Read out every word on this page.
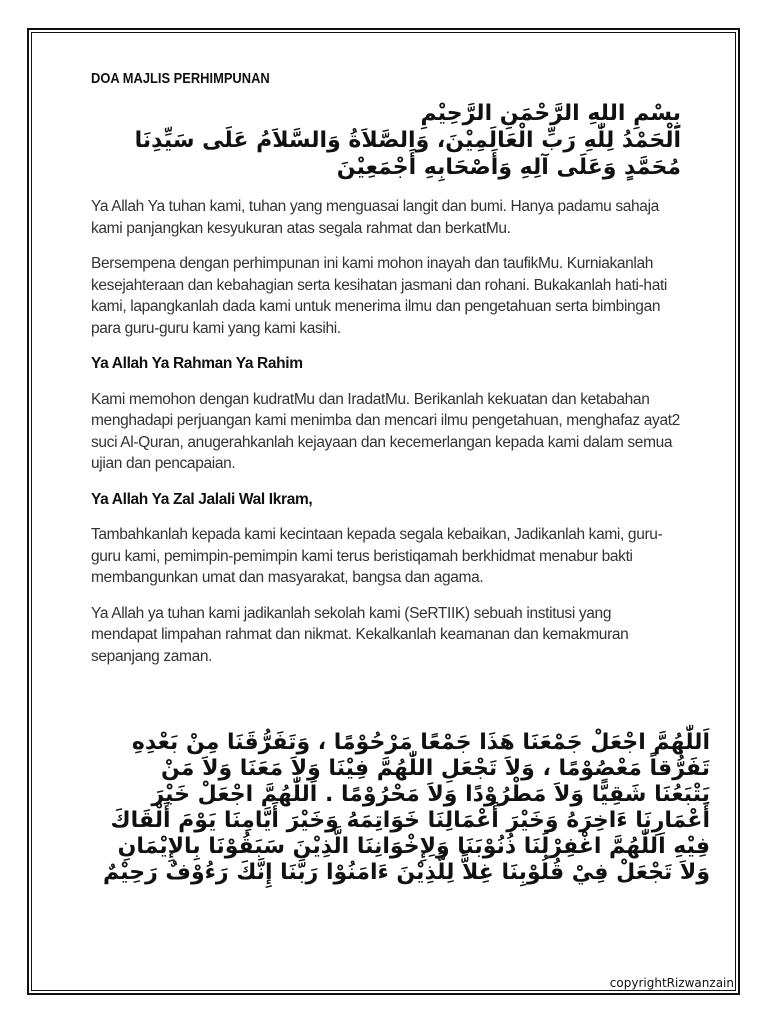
DOA MAJLIS PERHIMPUNAN
بِسْمِ اللهِ الرَّحْمَنِ الرَّحِيْمِ
اَلْحَمْدُ لِلّٰهِ رَبِّ الْعَالَمِيْنَ، وَالصَّلاَةُ وَالسَّلاَمُ عَلَى سَيِّدِنَا
مُحَمَّدٍ وَعَلَى آلِهِ وَأَصْحَابِهِ أَجْمَعِيْنَ

Ya Allah Ya tuhan kami, tuhan yang menguasai langit dan bumi. Hanya padamu sahaja kami panjangkan kesyukuran atas segala rahmat dan berkatMu.

Bersempena dengan perhimpunan ini kami mohon inayah dan taufikMu. Kurniakanlah kesejahteraan dan kebahagian serta kesihatan jasmani dan rohani. Bukakanlah hati-hati kami, lapangkanlah dada kami untuk menerima ilmu dan pengetahuan serta bimbingan para guru-guru kami yang kami kasihi.

Ya Allah Ya Rahman Ya Rahim

Kami memohon dengan kudratMu dan IradatMu. Berikanlah kekuatan dan ketabahan menghadapi perjuangan kami menimba dan mencari ilmu pengetahuan, menghafaz ayat2 suci Al-Quran, anugerahkanlah kejayaan dan kecemerlangan kepada kami dalam semua ujian dan pencapaian.

Ya Allah Ya Zal Jalali Wal Ikram,

Tambahkanlah kepada kami kecintaan kepada segala kebaikan, Jadikanlah kami, guru-guru kami, pemimpin-pemimpin kami terus beristiqamah berkhidmat menabur bakti membangunkan umat dan masyarakat, bangsa dan agama.

Ya Allah ya tuhan kami jadikanlah sekolah kami (SeRTIIK) sebuah institusi yang mendapat limpahan rahmat dan nikmat. Kekalkanlah keamanan dan kemakmuran sepanjang zaman.

اَللّٰهُمَّ اجْعَلْ جَمْعَنَا هَذَا جَمْعًا مَرْحُوْمًا ، وَتَفَرُّقَنَا مِنْ بَعْدِهِ تَفَرُّقاً مَعْصُوْمًا ، وَلاَ تَجْعَلِ اللّٰهُمَّ فِيْنَا وَلاَ مَعَنَا وَلاَ مَنْ يَتْبَعُنَا شَقِيًّا وَلاَ مَطْرُوْدًا وَلاَ مَحْرُوْمًا . اَللّٰهُمَّ اجْعَلْ خَيْرَ أَعْمَارِنَا ءَاخِرَهُ وَخَيْرَ أَعْمَالِنَا خَوَاتِمَهُ وَخَيْرَ أَيَّامِنَا يَوْمَ أَلْقَاكَ فِيْهِ اَللّٰهُمَّ اغْفِرْلَنَا ذُنُوْبَنَا وَلِإِخْوَانِنَا الَّذِيْنَ سَبَقُوْنَا بِالإِيْمَانِ وَلاَ تَجْعَلْ فِيْ قُلُوْبِنَا غِلاًّ لِلَّذِيْنَ ءَامَنُوْا رَبَّنَا إِنَّكَ رَءُوْفٌ رَحِيْمٌ
copyrightRizwanzain
